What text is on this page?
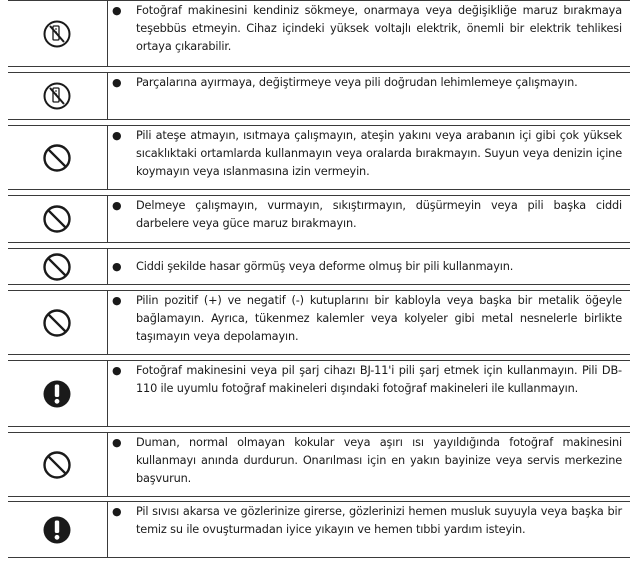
● Fotoğraf makinesini kendiniz sökmeye, onarmaya veya değişikliğe maruz bırakmaya teşebbüs etmeyin. Cihaz içindeki yüksek voltajlı elektrik, önemli bir elektrik tehlikesi ortaya çıkarabilir.

● Parçalarına ayırmaya, değiştirmeye veya pili doğrudan lehimlemeye çalışmayın.

● Pili ateşe atmayın, ısıtmaya çalışmayın, ateşin yakını veya arabanın içi gibi çok yüksek sıcaklıktaki ortamlarda kullanmayın veya oralarda bırakmayın. Suyun veya denizin içine koymayın veya ıslanmasına izin vermeyin.

● Delmeye çalışmayın, vurmayın, sıkıştırmayın, düşürmeyin veya pili başka ciddi darbelere veya güce maruz bırakmayın.

● Ciddi şekilde hasar görmüş veya deforme olmuş bir pili kullanmayın.

● Pilin pozitif (+) ve negatif (-) kutuplarını bir kabloyla veya başka bir metalik öğeyle bağlamayın. Ayrıca, tükenmez kalemler veya kolyeler gibi metal nesnelerle birlikte taşımayın veya depolamayın.

● Fotoğraf makinesini veya pil şarj cihazı BJ-11'i pili şarj etmek için kullanmayın. Pili DB-110 ile uyumlu fotoğraf makineleri dışındaki fotoğraf makineleri ile kullanmayın.

● Duman, normal olmayan kokular veya aşırı ısı yayıldığında fotoğraf makinesini kullanmayı anında durdurun. Onarılması için en yakın bayinize veya servis merkezine başvurun.

● Pil sıvısı akarsa ve gözlerinize girerse, gözlerinizi hemen musluk suyuyla veya başka bir temiz su ile ovuşturmadan iyice yıkayın ve hemen tıbbi yardım isteyin.
